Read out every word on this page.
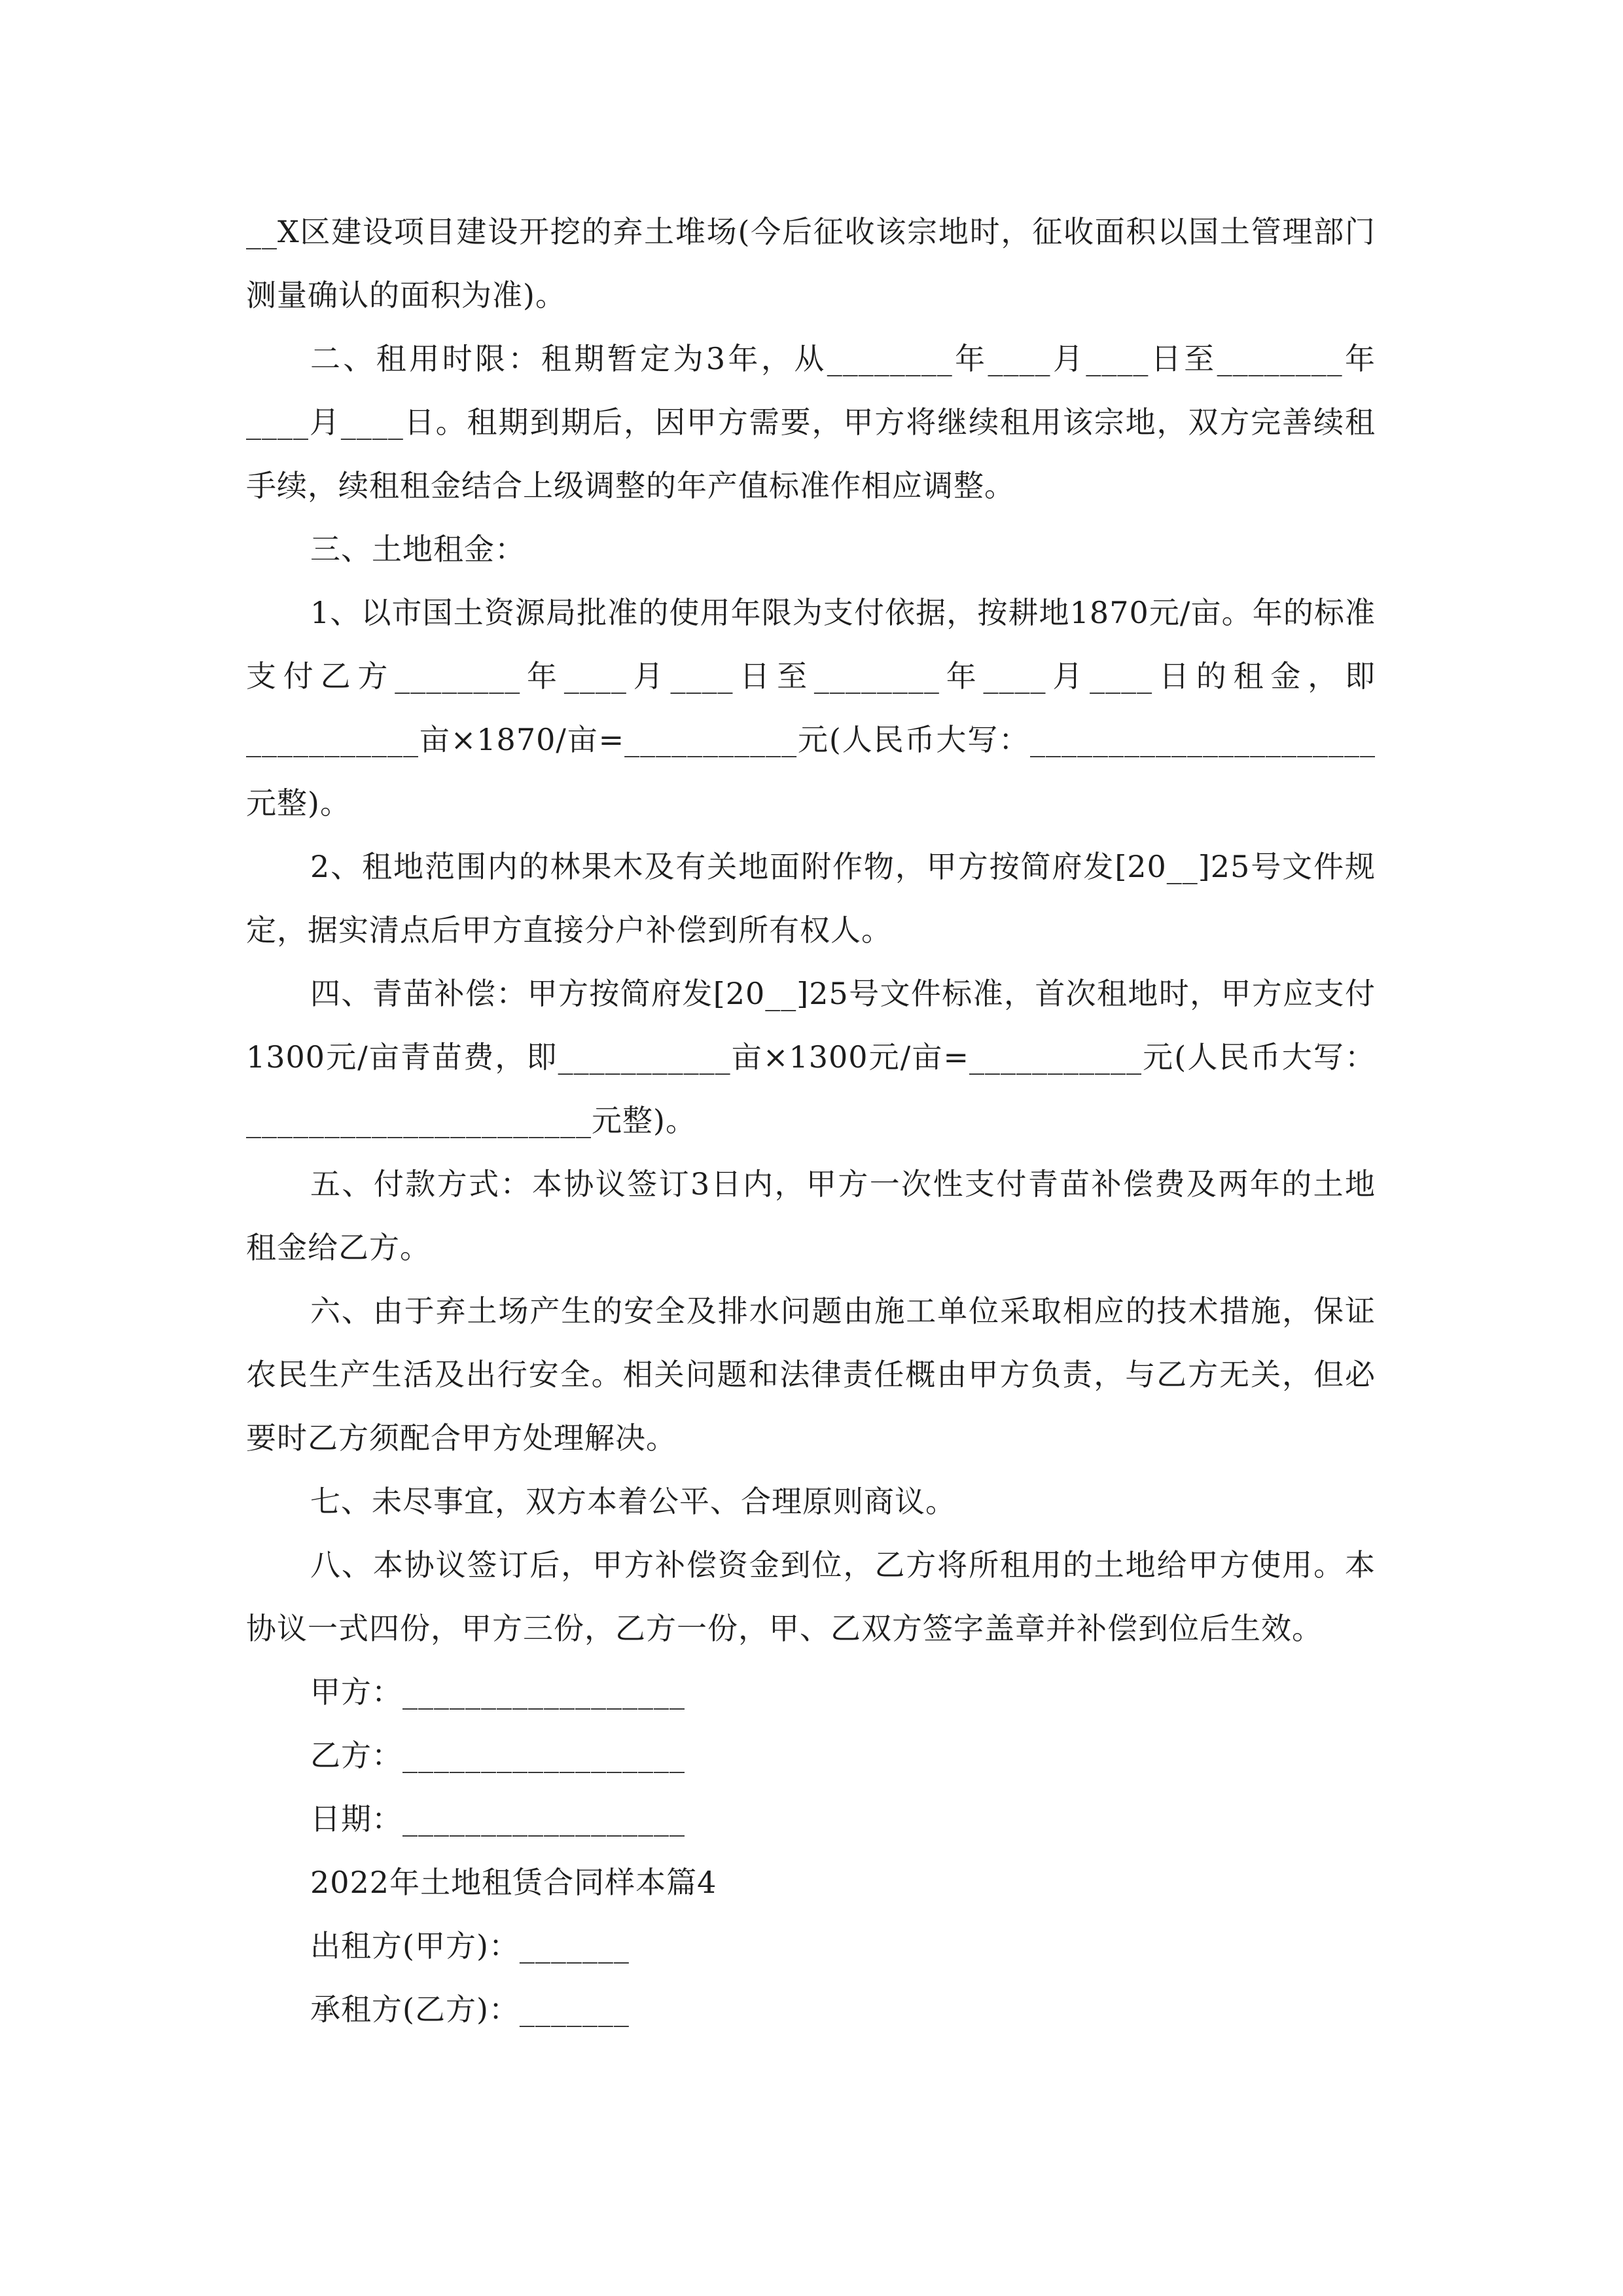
__X区建设项目建设开挖的弃土堆场(今后征收该宗地时，征收面积以国土管理部门测量确认的面积为准)。

二、租用时限：租期暂定为3年，从________年____月____日至________年____月____日。租期到期后，因甲方需要，甲方将继续租用该宗地，双方完善续租手续，续租租金结合上级调整的年产值标准作相应调整。

三、土地租金：

1、以市国土资源局批准的使用年限为支付依据，按耕地1870元/亩。年的标准支付乙方________年____月____日至________年____月____日的租金，即___________亩×1870/亩=___________元(人民币大写：______________________元整)。

2、租地范围内的林果木及有关地面附作物，甲方按简府发[20__]25号文件规定，据实清点后甲方直接分户补偿到所有权人。

四、青苗补偿：甲方按简府发[20__]25号文件标准，首次租地时，甲方应支付1300元/亩青苗费，即___________亩×1300元/亩=___________元(人民币大写：______________________元整)。

五、付款方式：本协议签订3日内，甲方一次性支付青苗补偿费及两年的土地租金给乙方。

六、由于弃土场产生的安全及排水问题由施工单位采取相应的技术措施，保证农民生产生活及出行安全。相关问题和法律责任概由甲方负责，与乙方无关，但必要时乙方须配合甲方处理解决。

七、未尽事宜，双方本着公平、合理原则商议。

八、本协议签订后，甲方补偿资金到位，乙方将所租用的土地给甲方使用。本协议一式四份，甲方三份，乙方一份，甲、乙双方签字盖章并补偿到位后生效。

甲方：__________________

乙方：__________________

日期：__________________

2022年土地租赁合同样本篇4

出租方(甲方)：_______

承租方(乙方)：_______
